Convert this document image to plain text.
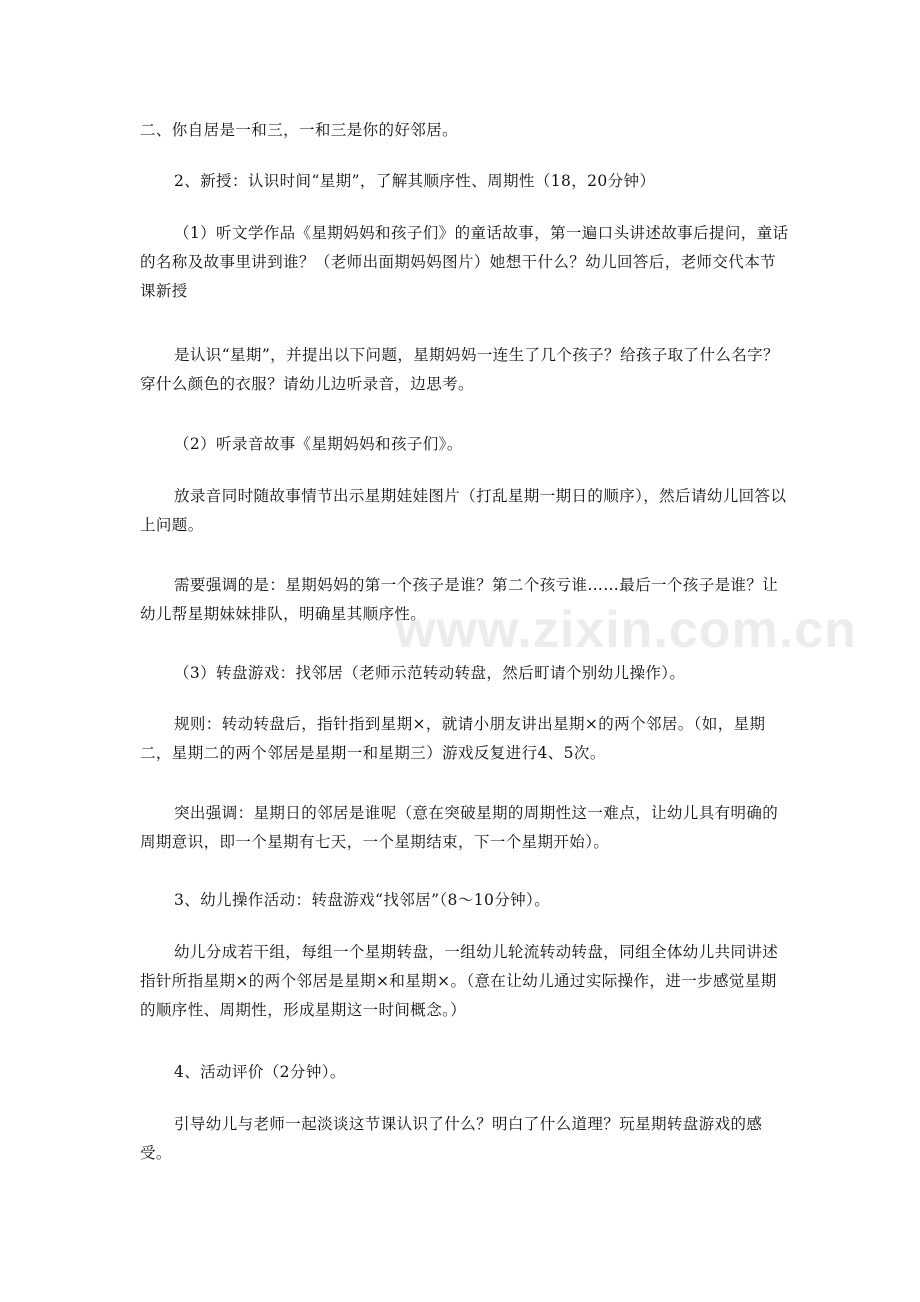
二、你自居是一和三，一和三是你的好邻居。

2、新授：认识时间“星期”，了解其顺序性、周期性（18，20分钟）

（1）听文学作品《星期妈妈和孩子们》的童话故事，第一遍口头讲述故事后提问，童话的名称及故事里讲到谁？（老师出面期妈妈图片）她想干什么？幼儿回答后，老师交代本节课新授

是认识“星期”，并提出以下问题，星期妈妈一连生了几个孩子？给孩子取了什么名字？穿什么颜色的衣服？请幼儿边听录音，边思考。

（2）听录音故事《星期妈妈和孩子们》。

放录音同时随故事情节出示星期娃娃图片（打乱星期一期日的顺序），然后请幼儿回答以上问题。

需要强调的是：星期妈妈的第一个孩子是谁？第二个孩亏谁……最后一个孩子是谁？让幼儿帮星期妹妹排队，明确星其顺序性。

（3）转盘游戏：找邻居（老师示范转动转盘，然后町请个别幼儿操作）。

规则：转动转盘后，指针指到星期×，就请小朋友讲出星期×的两个邻居。（如，星期二，星期二的两个邻居是星期一和星期三）游戏反复进行4、5次。

突出强调：星期日的邻居是谁呢（意在突破星期的周期性这一难点，让幼儿具有明确的周期意识，即一个星期有七天，一个星期结束，下一个星期开始）。

3、幼儿操作活动：转盘游戏“找邻居”（8～10分钟）。

幼儿分成若干组，每组一个星期转盘，一组幼儿轮流转动转盘，同组全体幼儿共同讲述指针所指星期×的两个邻居是星期×和星期×。（意在让幼儿通过实际操作，进一步感觉星期的顺序性、周期性，形成星期这一时间概念。）

4、活动评价（2分钟）。

引导幼儿与老师一起淡谈这节课认识了什么？明白了什么道理？玩星期转盘游戏的感受。

www.zixin.com.cn
